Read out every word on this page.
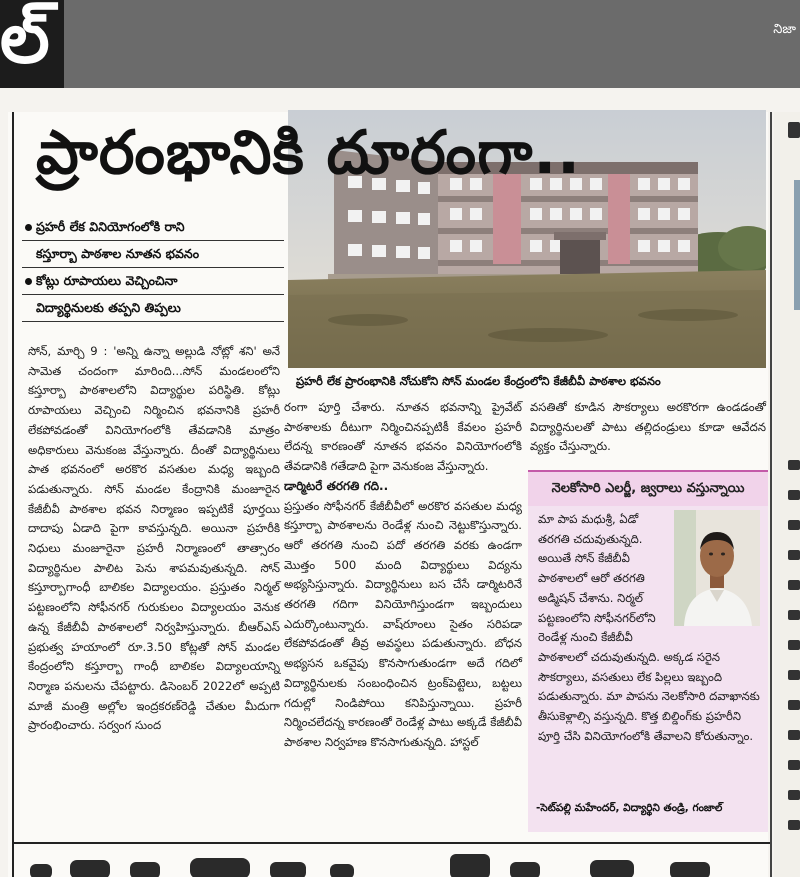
ల్	నిజా
ప్రారంభానికి దూరంగా..
ప్రహరీ లేక వినియోగంలోకి రాని
కస్తూర్బా పాఠశాల నూతన భవనం
కోట్లు రూపాయలు వెచ్చించినా
విద్యార్థినులకు తప్పని తిప్పలు
ప్రహరీ లేక ప్రారంభానికి నోచుకోని సోన్ మండల కేంద్రంలోని కేజీబీవీ పాఠశాల భవనం

సోన్, మార్చి 9 : 'అన్ని ఉన్నా అల్లుడి నోట్లో శని' అనే సామెత చందంగా మారింది...సోన్ మండలంలోని కస్తూర్బా పాఠశాలలోని విద్యార్థుల పరిస్థితి. కోట్లు రూపాయలు వెచ్చించి నిర్మించిన భవనానికి ప్రహరీ లేకపోవడంతో వినియోగంలోకి తేవడానికి మాత్రం అధికారులు వెనుకంజ వేస్తున్నారు. దీంతో విద్యార్థినులు పాత భవనంలో అరకొర వసతుల మధ్య ఇబ్బంది పడుతున్నారు. సోన్ మండల కేంద్రానికి మంజూరైన కేజీబీవీ పాఠశాల భవన నిర్మాణం ఇప్పటికే పూర్తయి దాదాపు ఏడాది పైగా కావస్తున్నది. అయినా ప్రహరీకి నిధులు మంజూరైనా ప్రహరీ నిర్మాణంలో తాత్సారం విద్యార్థినుల పాలిట పెను శాపమవుతున్నది. సోన్ కస్తూర్బాగాంధీ బాలికల విద్యాలయం. ప్రస్తుతం నిర్మల్ పట్టణంలోని సోఫీనగర్ గురుకులం విద్యాలయం వెనుక ఉన్న కేజీబీవీ పాఠశాలలో నిర్వహిస్తున్నారు. బీఆర్ఎస్ ప్రభుత్వ హయాంలో రూ.3.50 కోట్లతో సోన్ మండల కేంద్రంలోని కస్తూర్బా గాంధీ బాలికల విద్యాలయాన్ని నిర్మాణ పనులను చేపట్టారు. డిసెంబర్ 2022లో అప్పటి మాజీ మంత్రి అల్లోల ఇంద్రకరణ్‌రెడ్డి చేతుల మీదుగా ప్రారంభించారు. సర్వంగ సుంద

రంగా పూర్తి చేశారు. నూతన భవనాన్ని ప్రైవేట్ పాఠశాలకు దీటుగా నిర్మించినప్పటికీ కేవలం ప్రహరీ లేదన్న కారణంతో నూతన భవనం వినియోగంలోకి తేవడానికి గతేడాది పైగా వెనుకంజ వేస్తున్నారు.

డార్మిటరే తరగతి గది..

ప్రస్తుతం సోఫీనగర్ కేజీబీవీలో అరకొర వసతుల మధ్య కస్తూర్బా పాఠశాలను రెండేళ్ల నుంచి నెట్టుకొస్తున్నారు. ఆరో తరగతి నుంచి పదో తరగతి వరకు ఉండగా మొత్తం 500 మంది విద్యార్థులు విద్యను అభ్యసిస్తున్నారు. విద్యార్థినులు బస చేసే డార్మిటరినే తరగతి గదిగా వినియోగిస్తుండగా ఇబ్బందులు ఎదుర్కొంటున్నారు. వాష్‌రూంలు సైతం సరిపడా లేకపోవడంతో తీవ్ర అవస్థలు పడుతున్నారు. బోధన అభ్యసన ఒకవైపు కొనసాగుతుండగా అదే గదిలో విద్యార్థినులకు సంబంధించిన ట్రంక్‌పెట్టెలు, బట్టలు గదుల్లో నిండిపోయి కనిపిస్తున్నాయి. ప్రహరీ నిర్మించలేదన్న కారణంతో రెండేళ్ల పాటు అక్కడే కేజీబీవీ పాఠశాల నిర్వహణ కొనసాగుతున్నది. హాస్టల్

వసతితో కూడిన సౌకర్యాలు అరకొరగా ఉండడంతో విద్యార్థినులతో పాటు తల్లిదండ్రులు కూడా ఆవేదన వ్యక్తం చేస్తున్నారు.

నెలకోసారి ఎలర్జీ, జ్వరాలు వస్తున్నాయి

మా పాప మధుశ్రీ, ఏడో తరగతి చదువుతున్నది. అయితే సోన్ కేజీబీవీ పాఠశాలలో ఆరో తరగతి అడ్మిషన్ చేశాను. నిర్మల్ పట్టణంలోని సోఫీనగర్‌లోని రెండేళ్ల నుంచి కేజీబీవీ పాఠశాలలో చదువుతున్నది. అక్కడ సరైన సౌకర్యాలు, వసతులు లేక పిల్లలు ఇబ్బంది పడుతున్నారు. మా పాపను నెలకోసారి దవాఖానకు తీసుకెళ్లాల్సి వస్తున్నది. కొత్త బిల్డింగ్‌కు ప్రహరీని పూర్తి చేసి వినియోగంలోకి తేవాలని కోరుతున్నాం.

-సెట్‌పల్లి మహేందర్, విద్యార్థిని తండ్రి, గంజాల్
